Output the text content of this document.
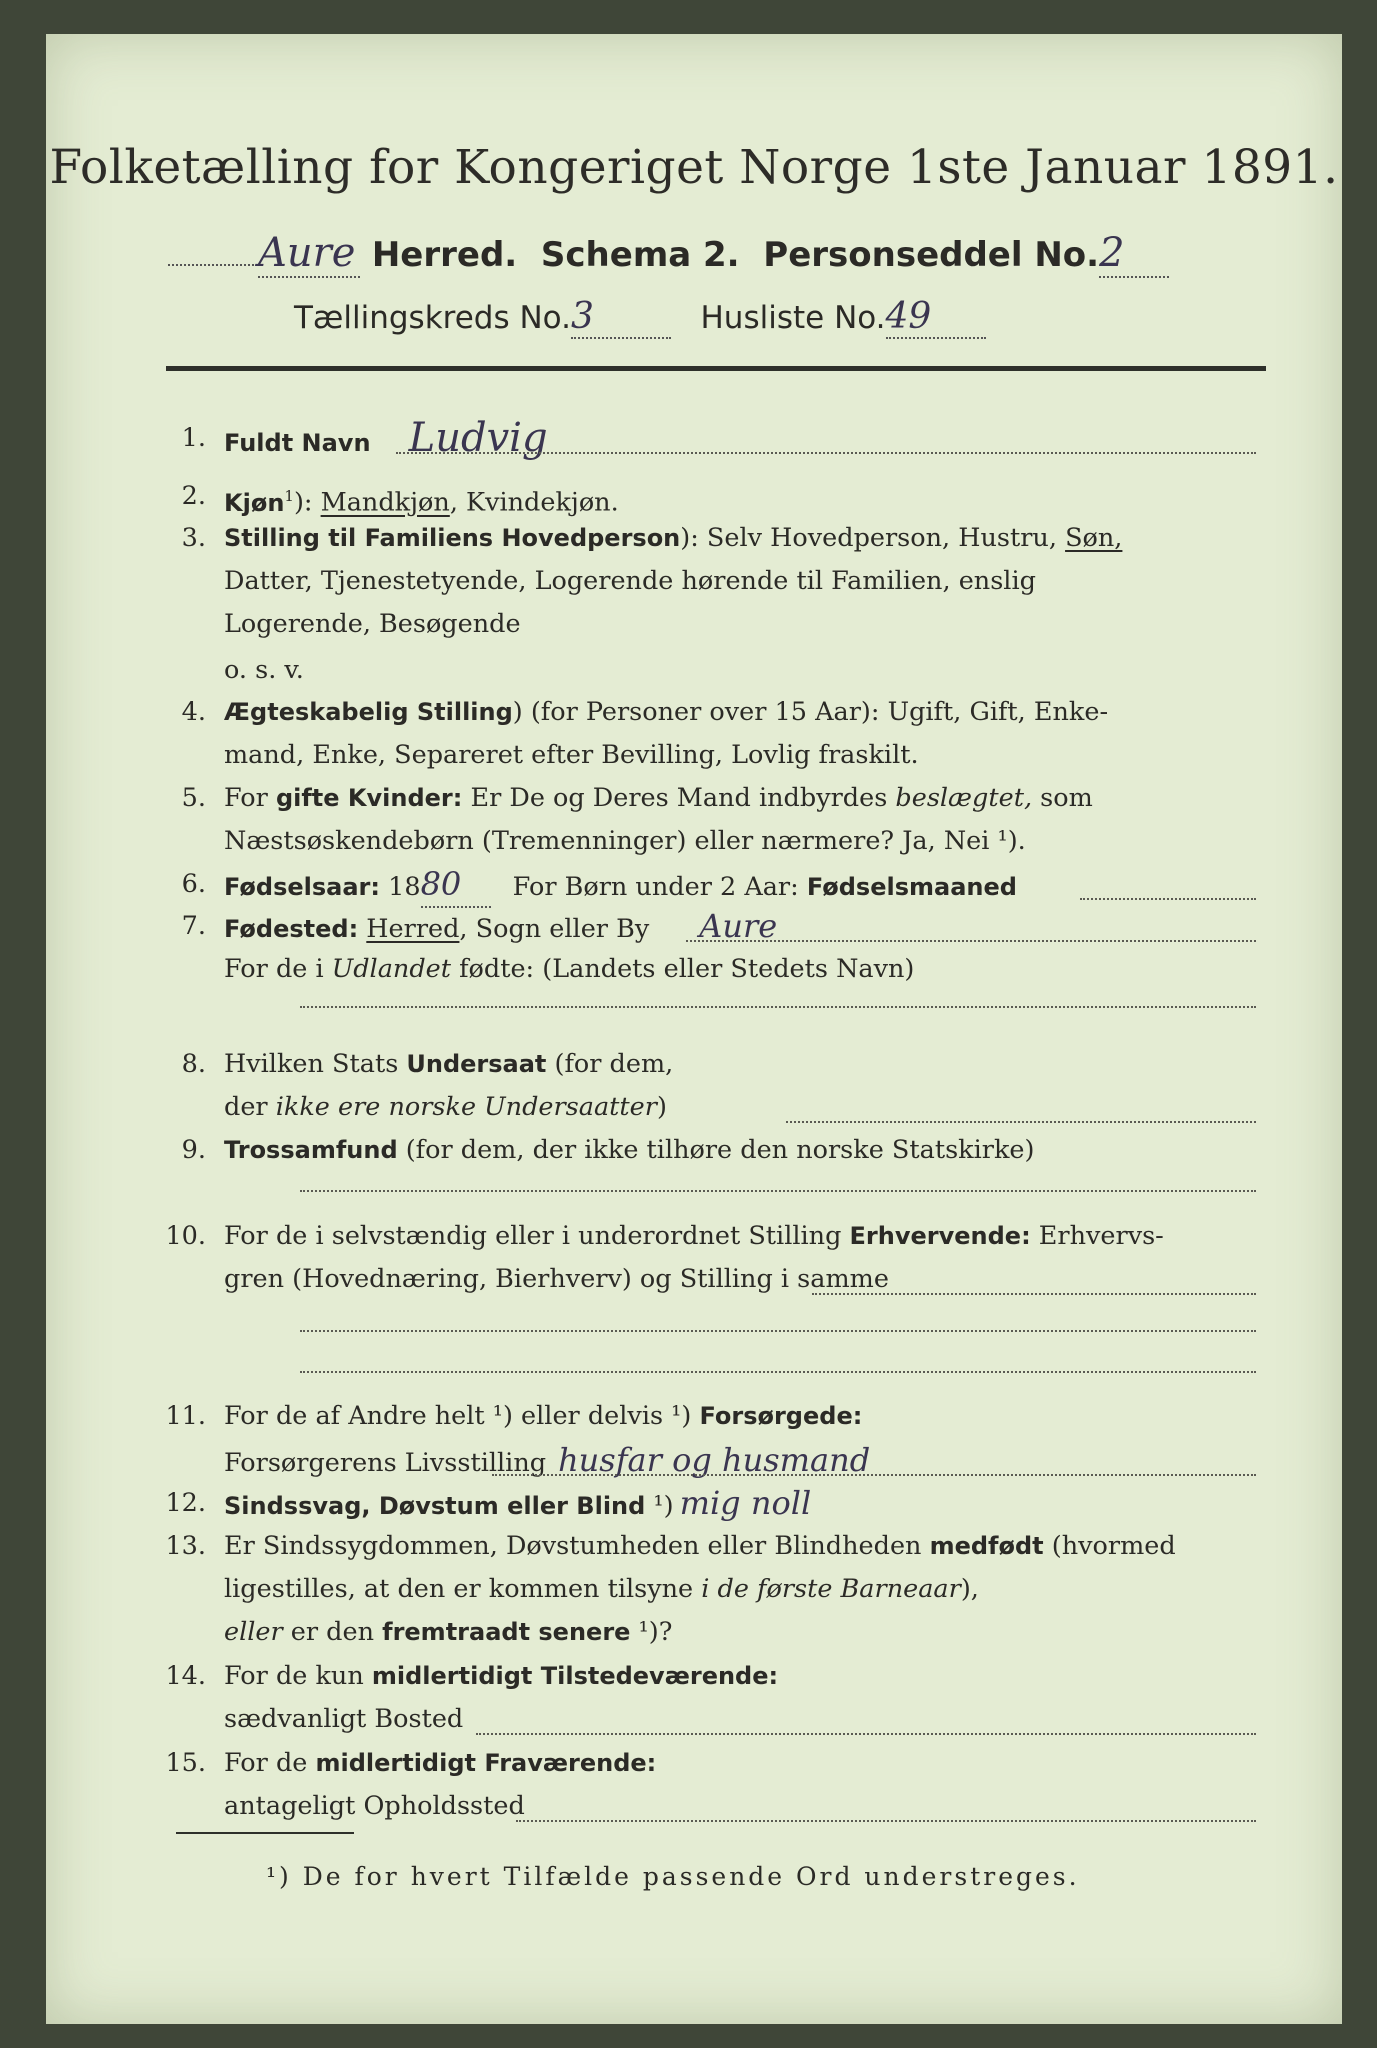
Folketælling for Kongeriget Norge 1ste Januar 1891.
Aure Herred. Schema 2. Personseddel No.2
Tællingskreds No.3	Husliste No.49
1. Fuldt Navn Ludvig
2. Kjøn$^1$): Mandkjøn, Kvindekjøn.
3. Stilling til Familiens Hovedperson): Selv Hovedperson, Hustru, Søn,
Datter, Tjenestetyende, Logerende hørende til Familien, enslig
Logerende, Besøgende
o. s. v.
4. Ægteskabelig Stilling) (for Personer over 15 Aar): Ugift, Gift, Enke-
mand, Enke, Separeret efter Bevilling, Lovlig fraskilt.
5. For gifte Kvinder: Er De og Deres Mand indbyrdes beslægtet, som
Næstsøskendebørn (Tremenninger) eller nærmere? Ja, Nei ¹).
6. Fødselsaar: 1880 For Børn under 2 Aar: Fødselsmaaned
7. Fødested: Herred, Sogn eller By Aure
For de i Udlandet fødte: (Landets eller Stedets Navn)
8. Hvilken Stats Undersaat (for dem,
der ikke ere norske Undersaatter)
9. Trossamfund (for dem, der ikke tilhøre den norske Statskirke)
10. For de i selvstændig eller i underordnet Stilling Erhvervende: Erhvervs-
gren (Hovednæring, Bierhverv) og Stilling i samme
11. For de af Andre helt ¹) eller delvis ¹) Forsørgede:
Forsørgerens Livsstilling husfar og husmand
12. Sindssvag, Døvstum eller Blind ¹) mig noll
13. Er Sindssygdommen, Døvstumheden eller Blindheden medfødt (hvormed
ligestilles, at den er kommen tilsyne i de første Barneaar),
eller er den fremtraadt senere ¹)?
14. For de kun midlertidigt Tilstedeværende:
sædvanligt Bosted
15. For de midlertidigt Fraværende:
antageligt Opholdssted
¹) De for hvert Tilfælde passende Ord understreges.
